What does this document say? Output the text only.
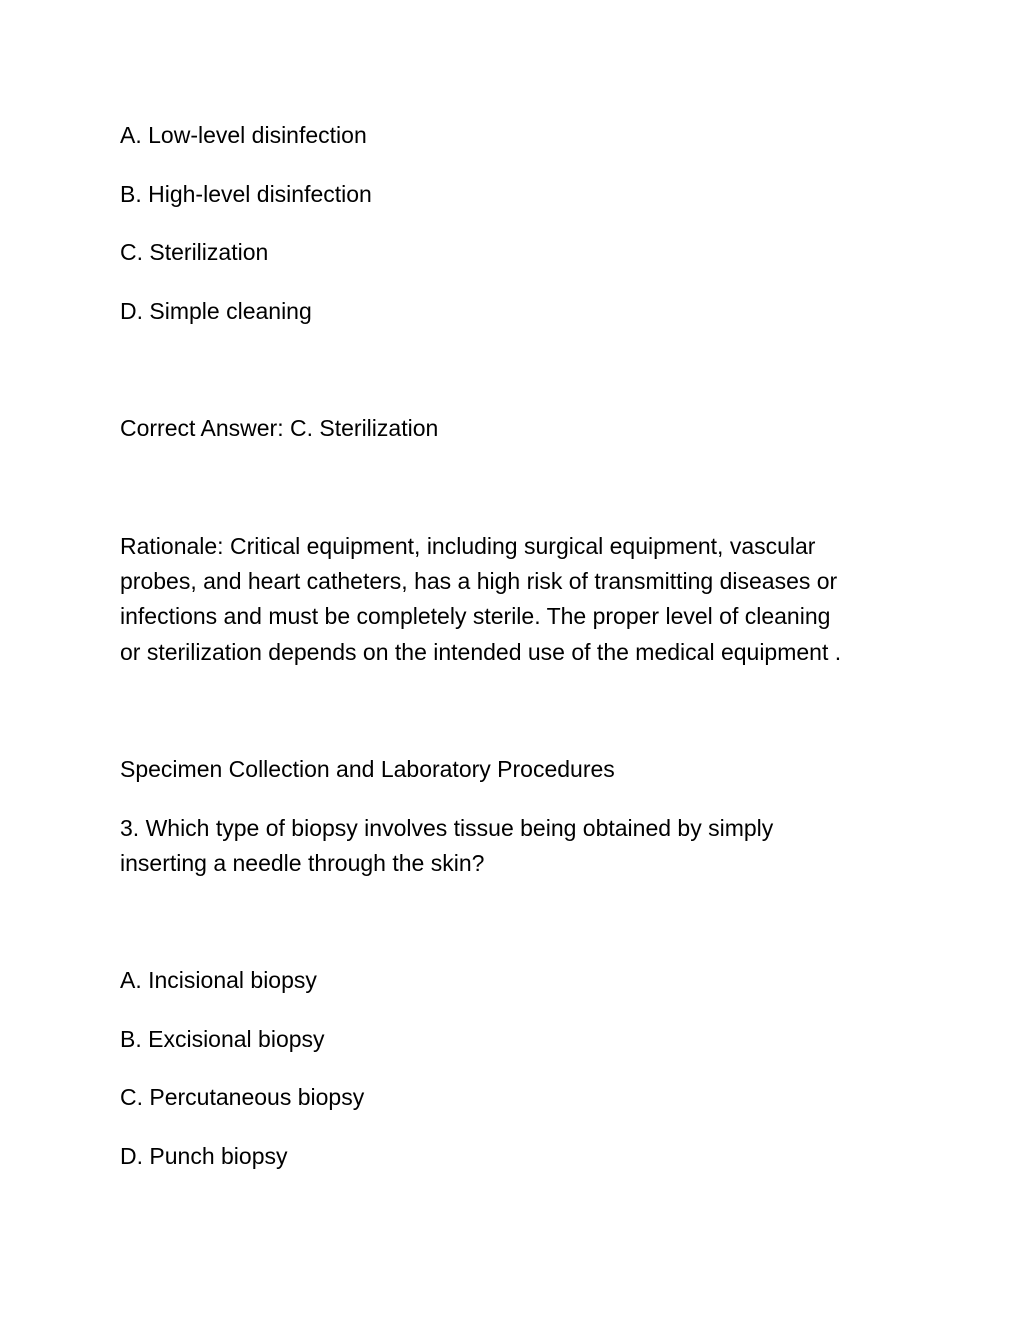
A. Low-level disinfection

B. High-level disinfection

C. Sterilization

D. Simple cleaning

Correct Answer: C. Sterilization

Rationale: Critical equipment, including surgical equipment, vascular

probes, and heart catheters, has a high risk of transmitting diseases or

infections and must be completely sterile. The proper level of cleaning

or sterilization depends on the intended use of the medical equipment .

Specimen Collection and Laboratory Procedures

3. Which type of biopsy involves tissue being obtained by simply

inserting a needle through the skin?

A. Incisional biopsy

B. Excisional biopsy

C. Percutaneous biopsy

D. Punch biopsy
